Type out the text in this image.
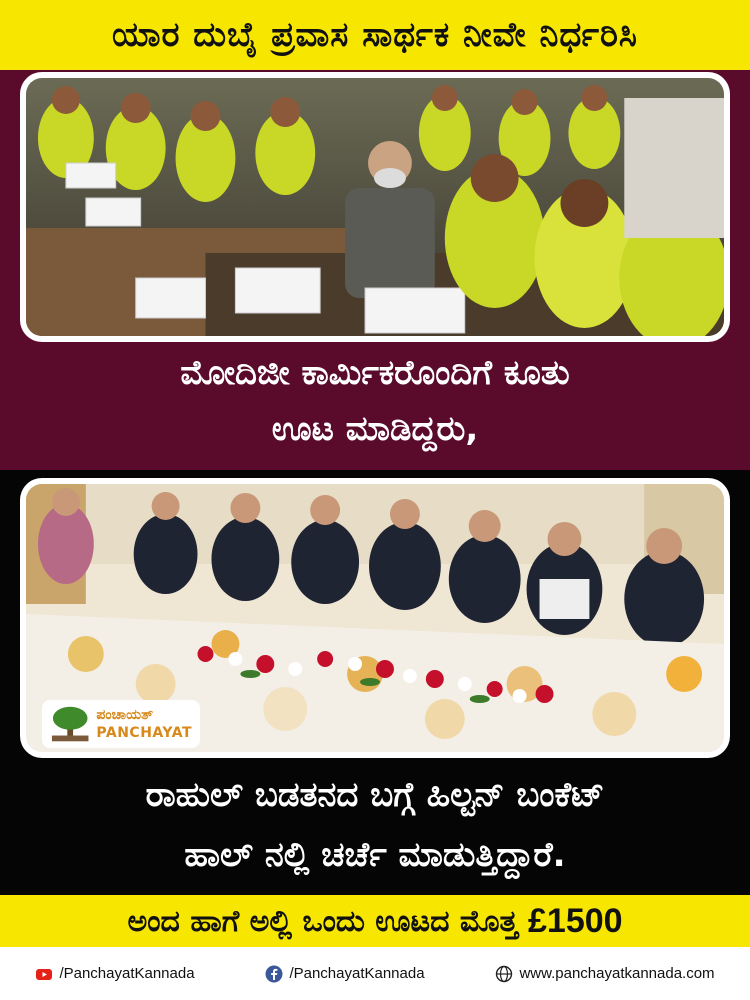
ಯಾರ ದುಬೈ ಪ್ರವಾಸ ಸಾರ್ಥಕ ನೀವೇ ನಿರ್ಧರಿಸಿ
ಮೋದಿಜೀ ಕಾರ್ಮಿಕರೊಂದಿಗೆ ಕೂತು
ಊಟ ಮಾಡಿದ್ದರು,
ಪಂಚಾಯತ್
PANCHAYAT
ರಾಹುಲ್ ಬಡತನದ ಬಗ್ಗೆ ಹಿಲ್ಟನ್ ಬಂಕೆಟ್
ಹಾಲ್ ನಲ್ಲಿ ಚರ್ಚೆ ಮಾಡುತ್ತಿದ್ದಾರೆ.
ಅಂದ ಹಾಗೆ ಅಲ್ಲಿ ಒಂದು ಊಟದ ಮೊತ್ತ £1500
/PanchayatKannada	/PanchayatKannada	www.panchayatkannada.com
